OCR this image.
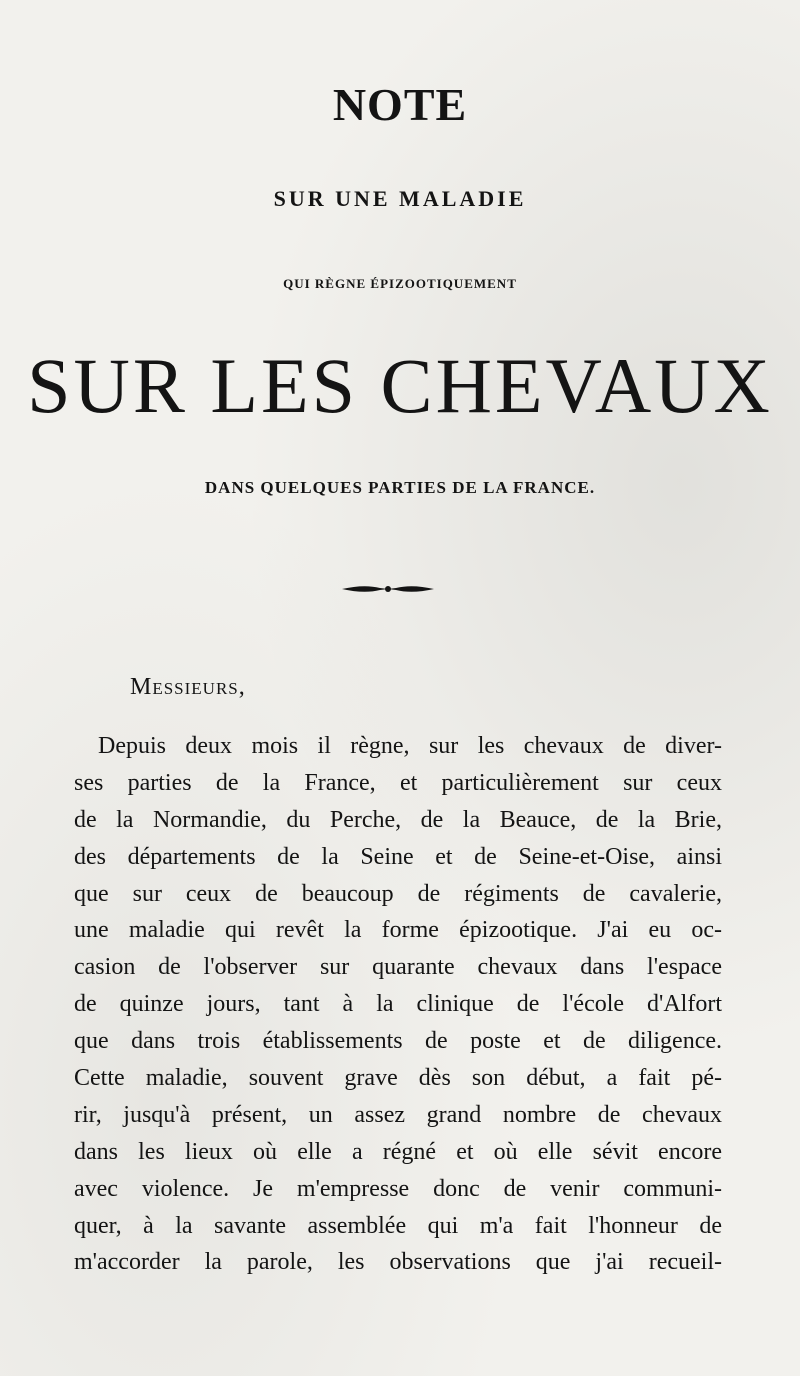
NOTE
SUR UNE MALADIE
QUI RÈGNE ÉPIZOOTIQUEMENT
SUR LES CHEVAUX
DANS QUELQUES PARTIES DE LA FRANCE.
Messieurs,
Depuis deux mois il règne, sur les chevaux de diver-
ses parties de la France, et particulièrement sur ceux
de la Normandie, du Perche, de la Beauce, de la Brie,
des départements de la Seine et de Seine-et-Oise, ainsi
que sur ceux de beaucoup de régiments de cavalerie,
une maladie qui revêt la forme épizootique. J'ai eu oc-
casion de l'observer sur quarante chevaux dans l'espace
de quinze jours, tant à la clinique de l'école d'Alfort
que dans trois établissements de poste et de diligence.
Cette maladie, souvent grave dès son début, a fait pé-
rir, jusqu'à présent, un assez grand nombre de chevaux
dans les lieux où elle a régné et où elle sévit encore
avec violence. Je m'empresse donc de venir communi-
quer, à la savante assemblée qui m'a fait l'honneur de
m'accorder la parole, les observations que j'ai recueil-
